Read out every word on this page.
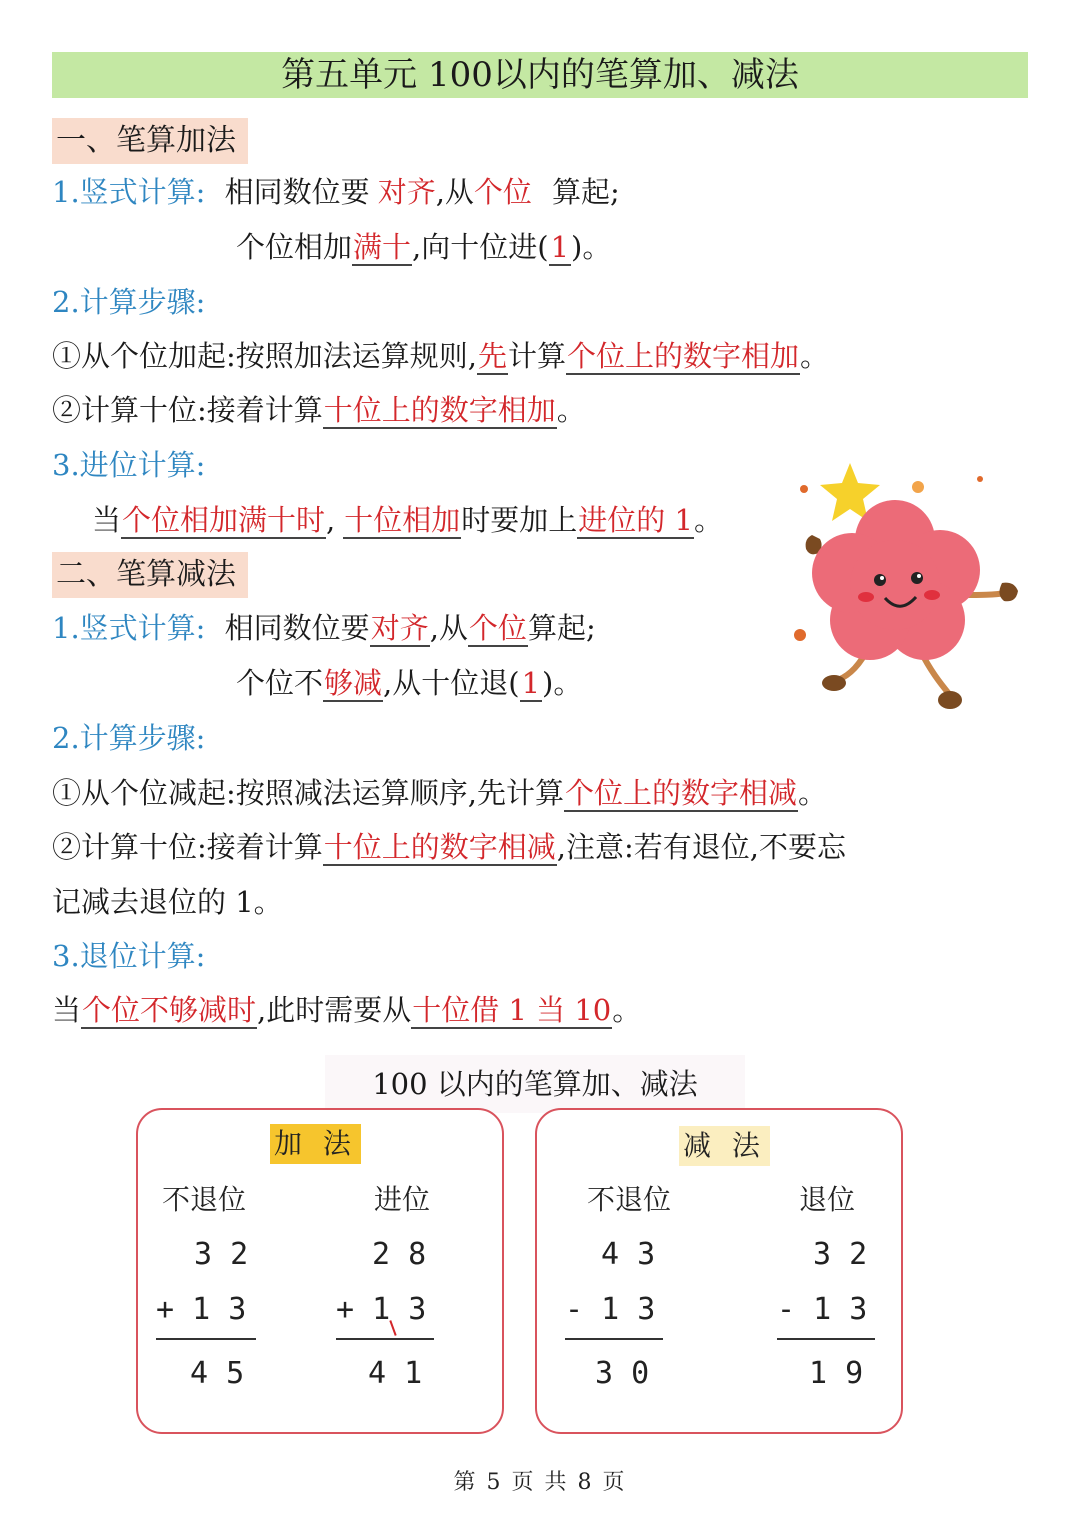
第五单元 100以内的笔算加、减法
一、笔算加法
1.竖式计算: 相同数位要 对齐,从个位 算起;
个位相加满十,向十位进(1)。
2.计算步骤:
①从个位加起:按照加法运算规则,先计算个位上的数字相加。
②计算十位:接着计算十位上的数字相加。
3.进位计算:
当个位相加满十时, 十位相加时要加上进位的 1。
二、笔算减法
1.竖式计算: 相同数位要对齐,从个位算起;
个位不够减,从十位退(1)。
2.计算步骤:
①从个位减起:按照减法运算顺序,先计算个位上的数字相减。
②计算十位:接着计算十位上的数字相减,注意:若有退位,不要忘
记减去退位的 1。
3.退位计算:
当个位不够减时,此时需要从十位借 1 当 10。
100 以内的笔算加、减法
加 法
不退位
3 2
+ 1 3
4 5
进位
2 8
+ 1 3
4 1
减 法
不退位
4 3
- 1 3
3 0
退位
3 2
- 1 3
1 9
第 5 页 共 8 页
